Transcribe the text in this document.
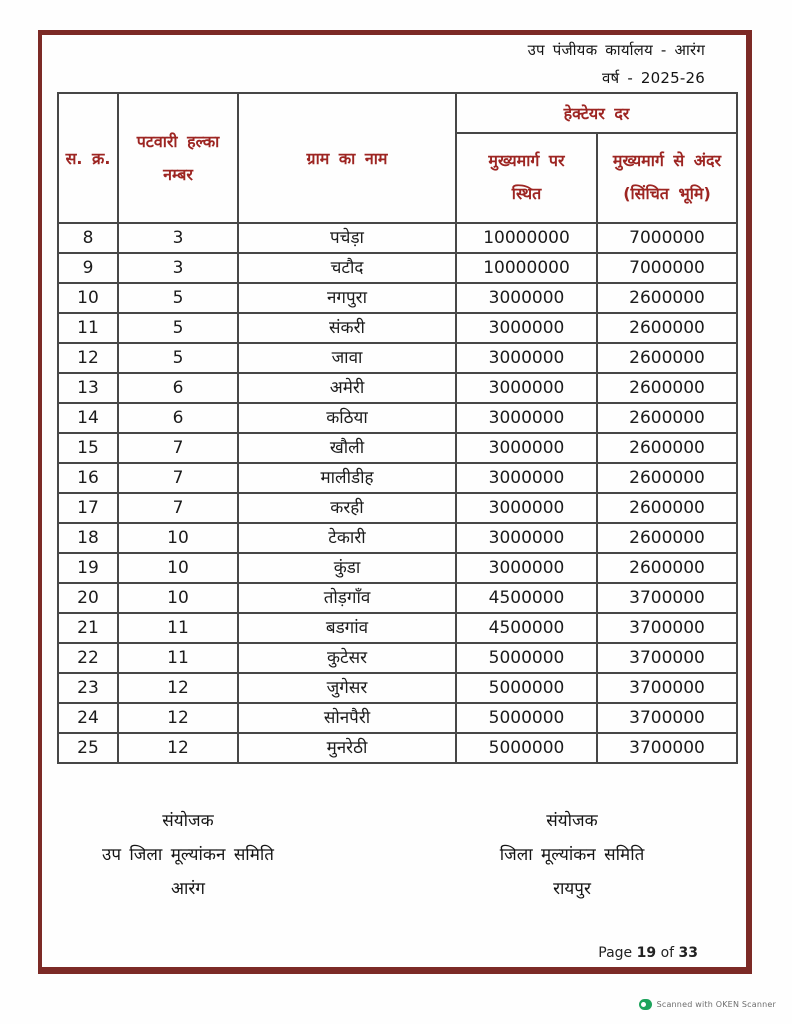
उप पंजीयक कार्यालय - आरंग
वर्ष - 2025-26
स. क्र.	पटवारी हल्का नम्बर	ग्राम का नाम	हेक्टेयर दर	
			मुख्यमार्ग पर स्थित	मुख्यमार्ग से अंदर (सिंचित भूमि)
8	3	पचेड़ा	10000000	7000000
9	3	चटौद	10000000	7000000
10	5	नगपुरा	3000000	2600000
11	5	संकरी	3000000	2600000
12	5	जावा	3000000	2600000
13	6	अमेरी	3000000	2600000
14	6	कठिया	3000000	2600000
15	7	खौली	3000000	2600000
16	7	मालीडीह	3000000	2600000
17	7	करही	3000000	2600000
18	10	टेकारी	3000000	2600000
19	10	कुंडा	3000000	2600000
20	10	तोड़गाँव	4500000	3700000
21	11	बडगांव	4500000	3700000
22	11	कुटेसर	5000000	3700000
23	12	जुगेसर	5000000	3700000
24	12	सोनपैरी	5000000	3700000
25	12	मुनरेठी	5000000	3700000
संयोजक
उप जिला मूल्यांकन समिति
आरंग
संयोजक
जिला मूल्यांकन समिति
रायपुर
Page 19 of 33
Scanned with OKEN Scanner
